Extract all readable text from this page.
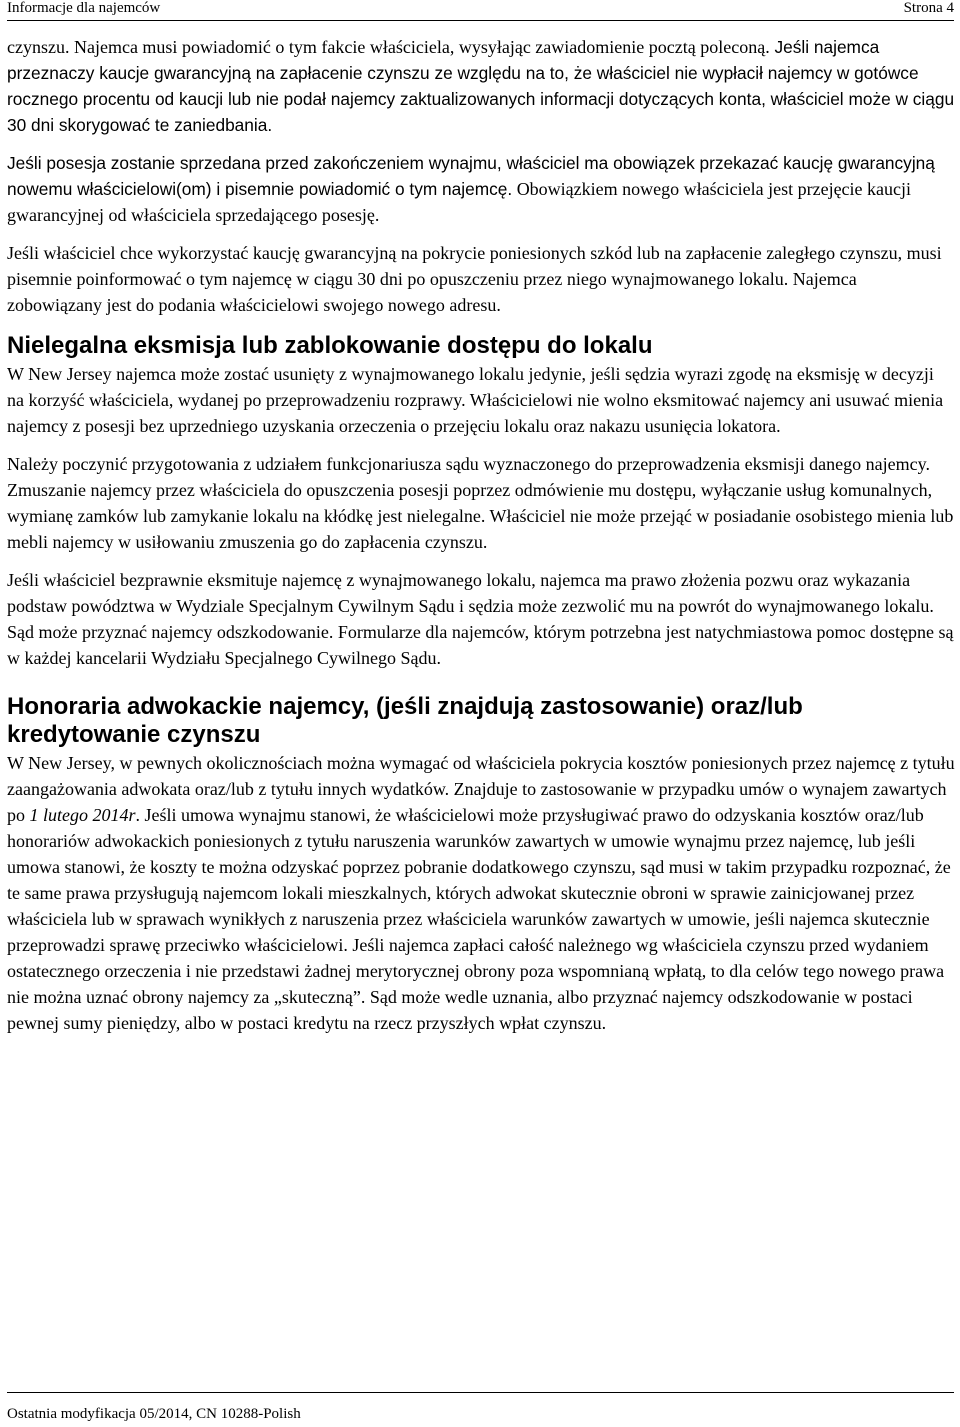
Informacje dla najemców	Strona 4

czynszu. Najemca musi powiadomić o tym fakcie właściciela, wysyłając zawiadomienie pocztą poleconą. Jeśli najemca przeznaczy kaucje gwarancyjną na zapłacenie czynszu ze względu na to, że właściciel nie wypłacił najemcy w gotówce rocznego procentu od kaucji lub nie podał najemcy zaktualizowanych informacji dotyczących konta, właściciel może w ciągu 30 dni skorygować te zaniedbania.

Jeśli posesja zostanie sprzedana przed zakończeniem wynajmu, właściciel ma obowiązek przekazać kaucję gwarancyjną nowemu właścicielowi(om) i pisemnie powiadomić o tym najemcę. Obowiązkiem nowego właściciela jest przejęcie kaucji gwarancyjnej od właściciela sprzedającego posesję.

Jeśli właściciel chce wykorzystać kaucję gwarancyjną na pokrycie poniesionych szkód lub na zapłacenie zaległego czynszu, musi pisemnie poinformować o tym najemcę w ciągu 30 dni po opuszczeniu przez niego wynajmowanego lokalu. Najemca zobowiązany jest do podania właścicielowi swojego nowego adresu.

Nielegalna eksmisja lub zablokowanie dostępu do lokalu

W New Jersey najemca może zostać usunięty z wynajmowanego lokalu jedynie, jeśli sędzia wyrazi zgodę na eksmisję w decyzji na korzyść właściciela, wydanej po przeprowadzeniu rozprawy. Właścicielowi nie wolno eksmitować najemcy ani usuwać mienia najemcy z posesji bez uprzedniego uzyskania orzeczenia o przejęciu lokalu oraz nakazu usunięcia lokatora.

Należy poczynić przygotowania z udziałem funkcjonariusza sądu wyznaczonego do przeprowadzenia eksmisji danego najemcy. Zmuszanie najemcy przez właściciela do opuszczenia posesji poprzez odmówienie mu dostępu, wyłączanie usług komunalnych, wymianę zamków lub zamykanie lokalu na kłódkę jest nielegalne. Właściciel nie może przejąć w posiadanie osobistego mienia lub mebli najemcy w usiłowaniu zmuszenia go do zapłacenia czynszu.

Jeśli właściciel bezprawnie eksmituje najemcę z wynajmowanego lokalu, najemca ma prawo złożenia pozwu oraz wykazania podstaw powództwa w Wydziale Specjalnym Cywilnym Sądu i sędzia może zezwolić mu na powrót do wynajmowanego lokalu. Sąd może przyznać najemcy odszkodowanie. Formularze dla najemców, którym potrzebna jest natychmiastowa pomoc dostępne są w każdej kancelarii Wydziału Specjalnego Cywilnego Sądu.

Honoraria adwokackie najemcy, (jeśli znajdują zastosowanie) oraz/lub kredytowanie czynszu

W New Jersey, w pewnych okolicznościach można wymagać od właściciela pokrycia kosztów poniesionych przez najemcę z tytułu zaangażowania adwokata oraz/lub z tytułu innych wydatków. Znajduje to zastosowanie w przypadku umów o wynajem zawartych po 1 lutego 2014r. Jeśli umowa wynajmu stanowi, że właścicielowi może przysługiwać prawo do odzyskania kosztów oraz/lub honorariów adwokackich poniesionych z tytułu naruszenia warunków zawartych w umowie wynajmu przez najemcę, lub jeśli umowa stanowi, że koszty te można odzyskać poprzez pobranie dodatkowego czynszu, sąd musi w takim przypadku rozpoznać, że te same prawa przysługują najemcom lokali mieszkalnych, których adwokat skutecznie obroni w sprawie zainicjowanej przez właściciela lub w sprawach wynikłych z naruszenia przez właściciela warunków zawartych w umowie, jeśli najemca skutecznie przeprowadzi sprawę przeciwko właścicielowi. Jeśli najemca zapłaci całość należnego wg właściciela czynszu przed wydaniem ostatecznego orzeczenia i nie przedstawi żadnej merytorycznej obrony poza wspomnianą wpłatą, to dla celów tego nowego prawa nie można uznać obrony najemcy za „skuteczną”. Sąd może wedle uznania, albo przyznać najemcy odszkodowanie w postaci pewnej sumy pieniędzy, albo w postaci kredytu na rzecz przyszłych wpłat czynszu.

Ostatnia modyfikacja 05/2014, CN 10288-Polish
